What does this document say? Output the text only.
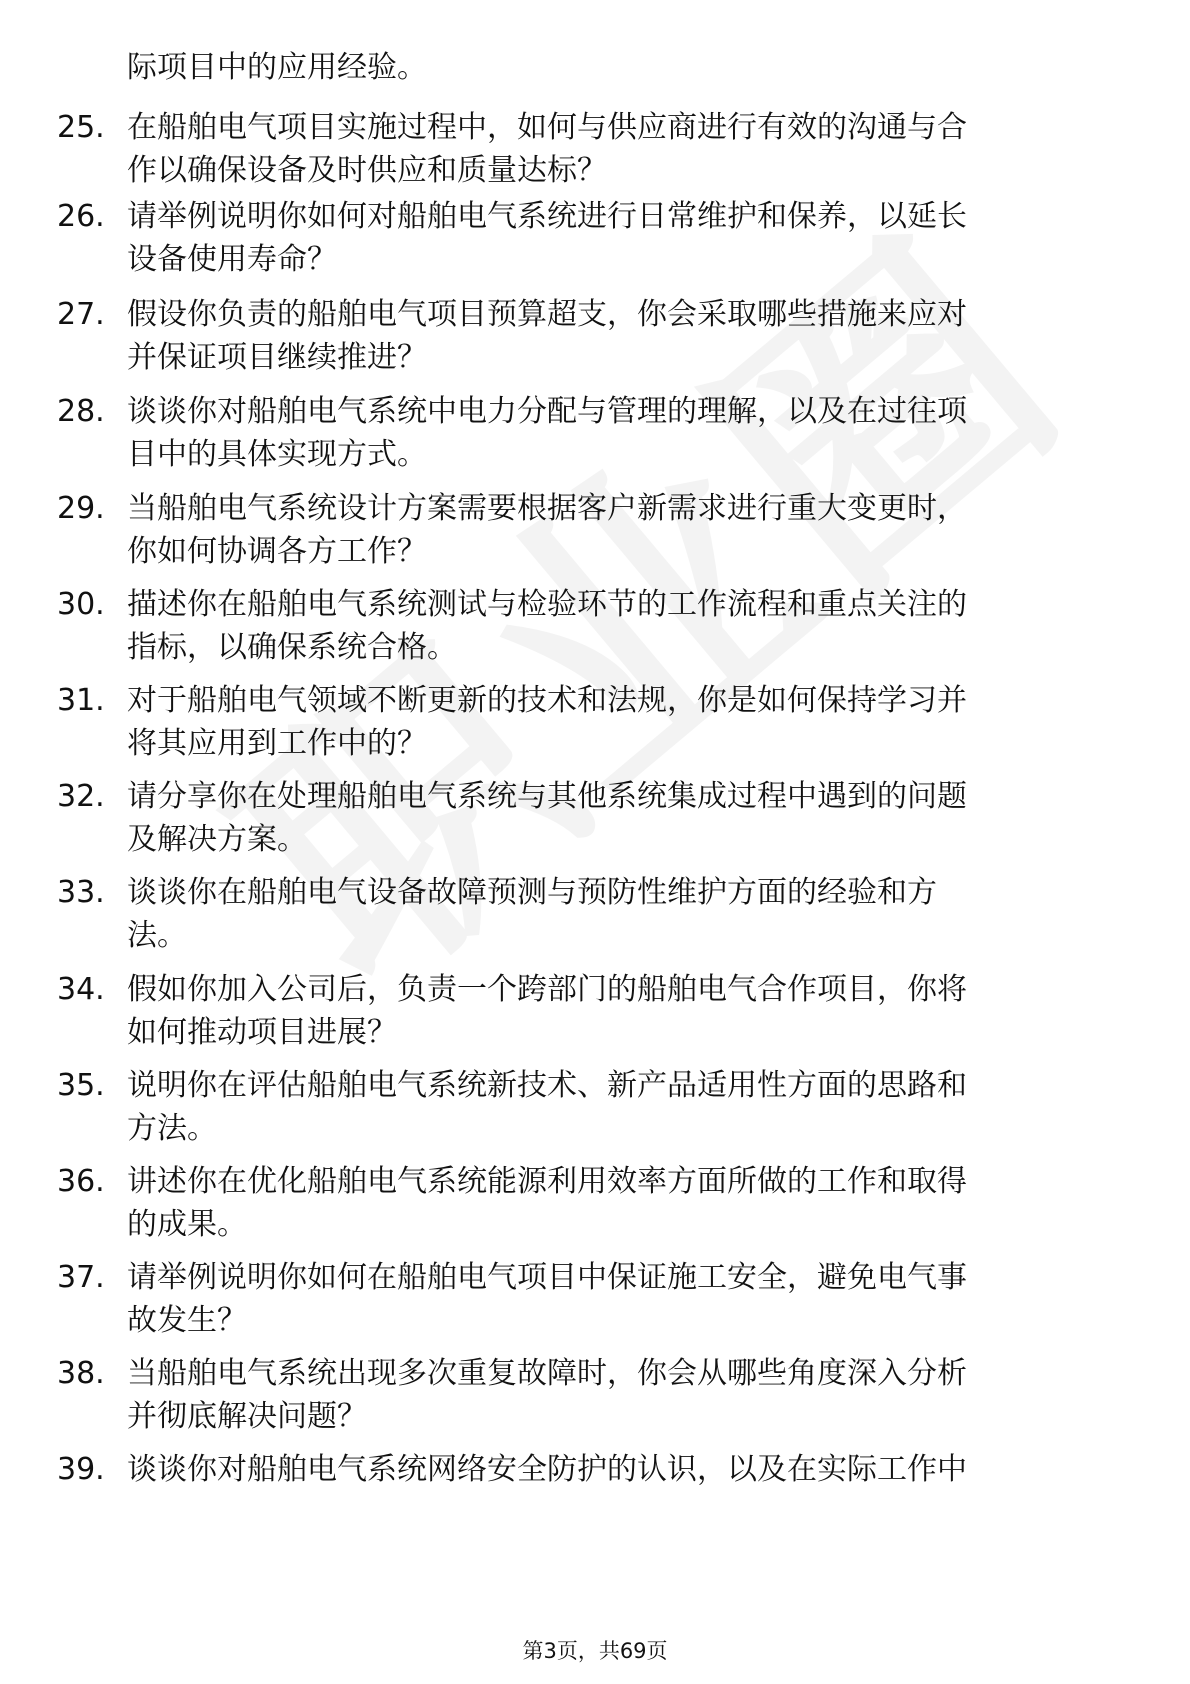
际项目中的应用经验。
25. 在船舶电气项目实施过程中，如何与供应商进行有效的沟通与合
作以确保设备及时供应和质量达标？
26. 请举例说明你如何对船舶电气系统进行日常维护和保养，以延长
设备使用寿命？
27. 假设你负责的船舶电气项目预算超支，你会采取哪些措施来应对
并保证项目继续推进？
28. 谈谈你对船舶电气系统中电力分配与管理的理解，以及在过往项
目中的具体实现方式。
29. 当船舶电气系统设计方案需要根据客户新需求进行重大变更时，
你如何协调各方工作？
30. 描述你在船舶电气系统测试与检验环节的工作流程和重点关注的
指标，以确保系统合格。
31. 对于船舶电气领域不断更新的技术和法规，你是如何保持学习并
将其应用到工作中的？
32. 请分享你在处理船舶电气系统与其他系统集成过程中遇到的问题
及解决方案。
33. 谈谈你在船舶电气设备故障预测与预防性维护方面的经验和方
法。
34. 假如你加入公司后，负责一个跨部门的船舶电气合作项目，你将
如何推动项目进展？
35. 说明你在评估船舶电气系统新技术、新产品适用性方面的思路和
方法。
36. 讲述你在优化船舶电气系统能源利用效率方面所做的工作和取得
的成果。
37. 请举例说明你如何在船舶电气项目中保证施工安全，避免电气事
故发生？
38. 当船舶电气系统出现多次重复故障时，你会从哪些角度深入分析
并彻底解决问题？
39. 谈谈你对船舶电气系统网络安全防护的认识，以及在实际工作中
第3页，共69页
